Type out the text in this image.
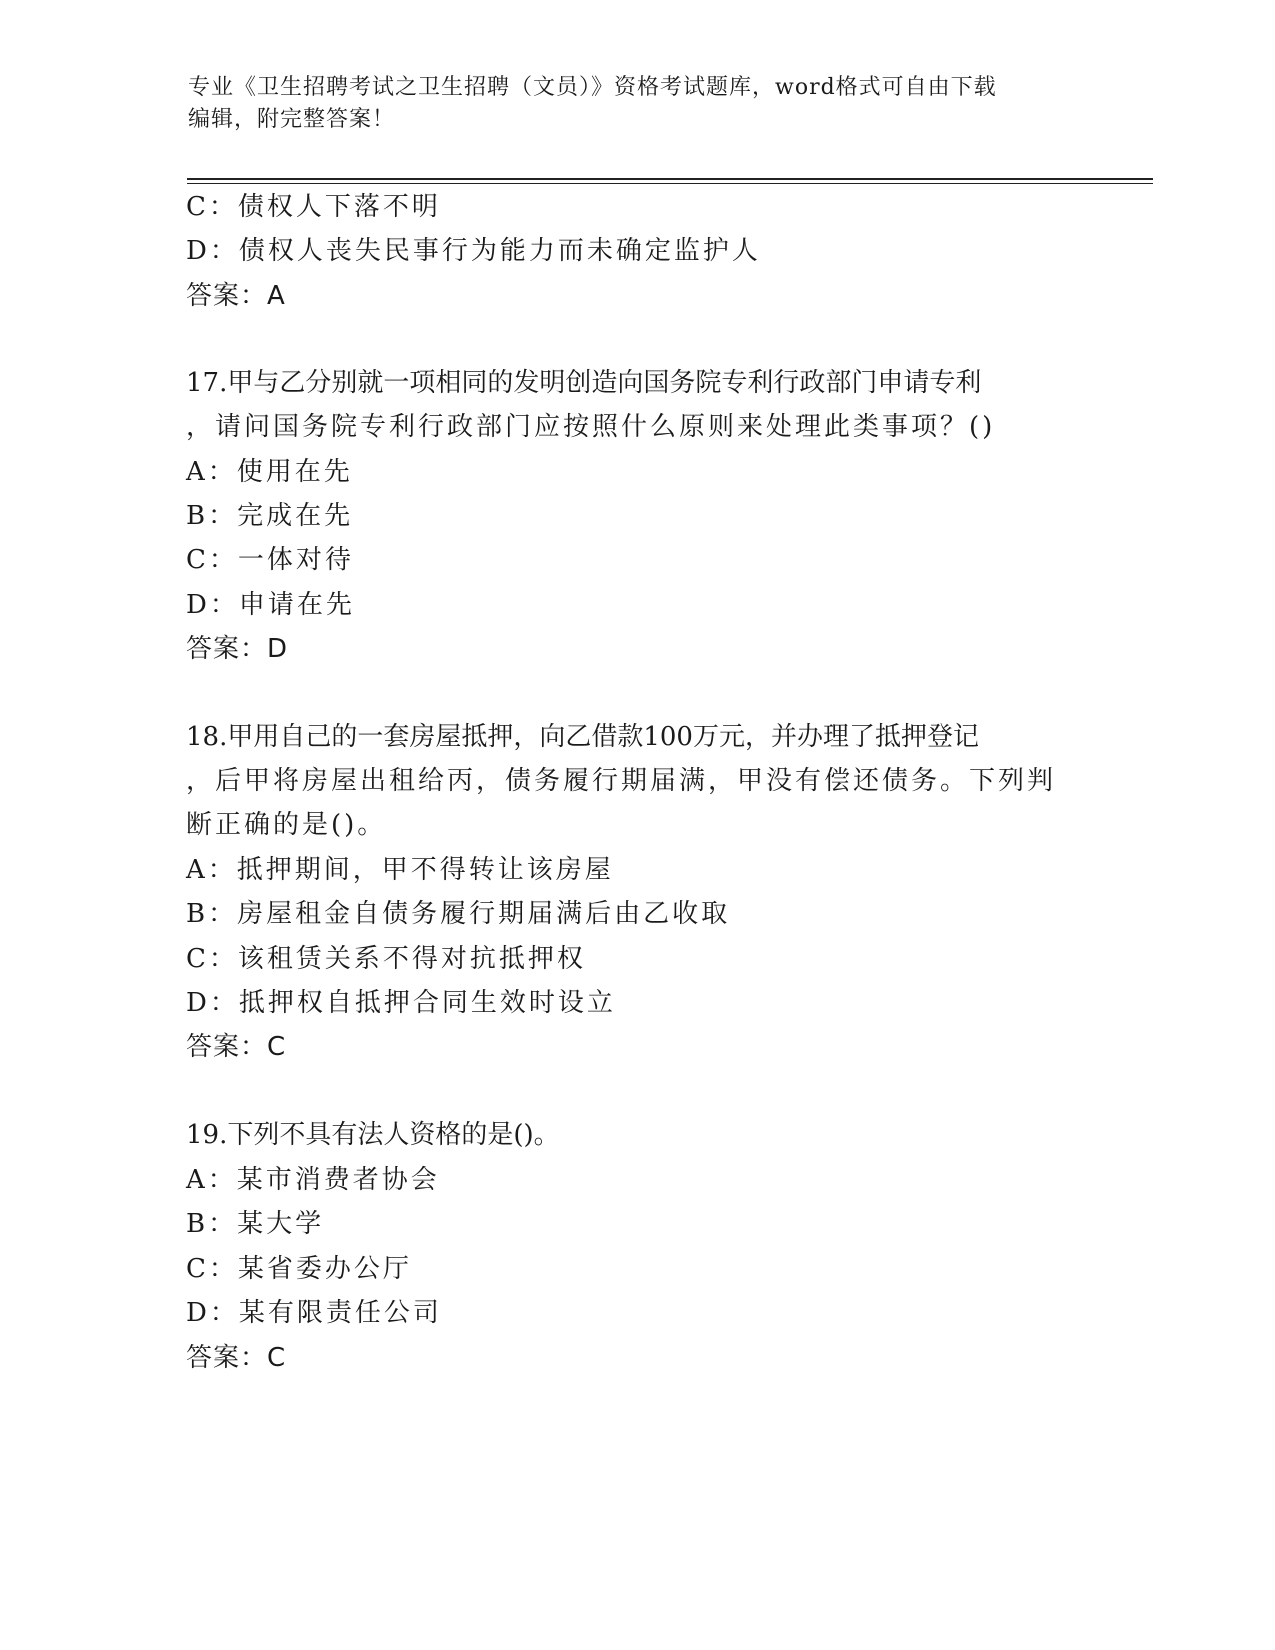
专业《卫生招聘考试之卫生招聘（文员）》资格考试题库，word格式可自由下载
编辑，附完整答案！
C：债权人下落不明
D：债权人丧失民事行为能力而未确定监护人
答案：A
17.甲与乙分别就一项相同的发明创造向国务院专利行政部门申请专利
，请问国务院专利行政部门应按照什么原则来处理此类事项？()
A：使用在先
B：完成在先
C：一体对待
D：申请在先
答案：D
18.甲用自己的一套房屋抵押，向乙借款100万元，并办理了抵押登记
，后甲将房屋出租给丙，债务履行期届满，甲没有偿还债务。下列判
断正确的是()。
A：抵押期间，甲不得转让该房屋
B：房屋租金自债务履行期届满后由乙收取
C：该租赁关系不得对抗抵押权
D：抵押权自抵押合同生效时设立
答案：C
19.下列不具有法人资格的是()。
A：某市消费者协会
B：某大学
C：某省委办公厅
D：某有限责任公司
答案：C
